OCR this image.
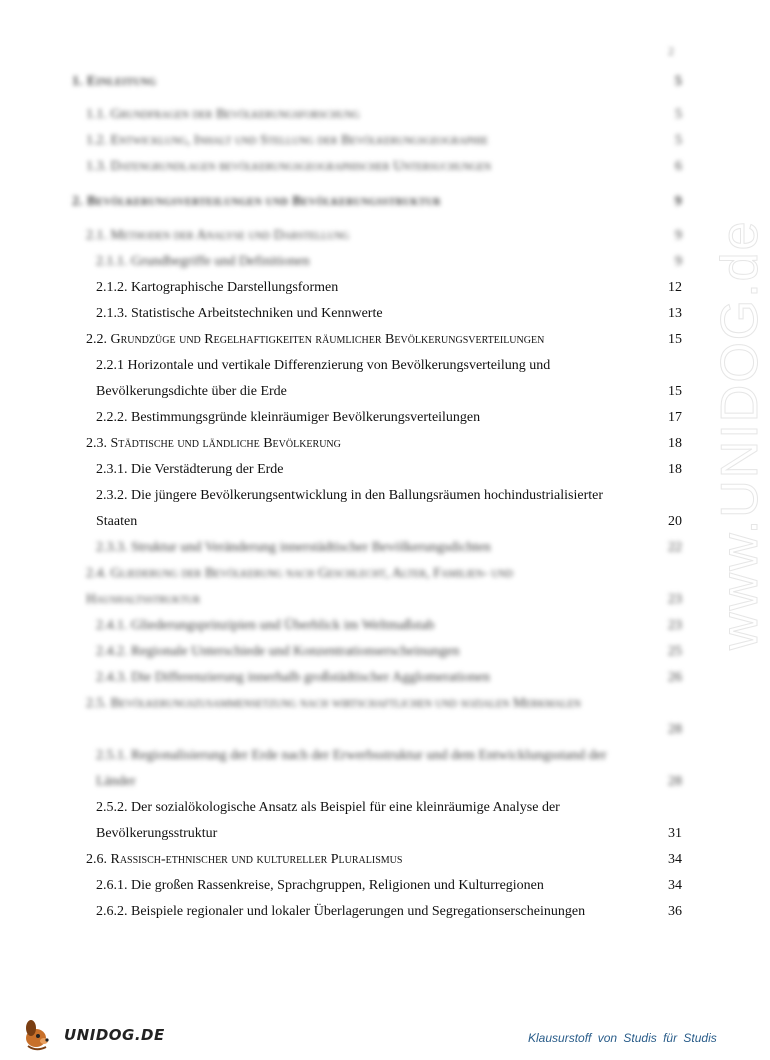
2
www.UNIDOG.de
1. Einleitung	5
1.1. Grundfragen der Bevölkerungsforschung	5
1.2. Entwicklung, Inhalt und Stellung der Bevölkerungsgeographie	5
1.3. Datengrundlagen bevölkerungsgeographischer Untersuchungen	6
2. Bevölkerungsverteilungen und Bevölkerungsstruktur	9
2.1. Methoden der Analyse und Darstellung	9
2.1.1. Grundbegriffe und Definitionen	9
2.1.2. Kartographische Darstellungsformen	12
2.1.3. Statistische Arbeitstechniken und Kennwerte	13
2.2. Grundzüge und Regelhaftigkeiten räumlicher Bevölkerungsverteilungen	15
2.2.1 Horizontale und vertikale Differenzierung von Bevölkerungsverteilung und
Bevölkerungsdichte über die Erde	15
2.2.2. Bestimmungsgründe kleinräumiger Bevölkerungsverteilungen	17
2.3. Städtische und ländliche Bevölkerung	18
2.3.1. Die Verstädterung der Erde	18
2.3.2. Die jüngere Bevölkerungsentwicklung in den Ballungsräumen hochindustrialisierter
Staaten	20
2.3.3. Struktur und Veränderung innerstädtischer Bevölkerungsdichten	22
2.4. Gliederung der Bevölkerung nach Geschlecht, Alter, Familien- und
Haushaltsstruktur	23
2.4.1. Gliederungsprinzipien und Überblick im Weltmaßstab	23
2.4.2. Regionale Unterschiede und Konzentrationserscheinungen	25
2.4.3. Die Differenzierung innerhalb großstädtischer Agglomerationen	26
2.5. Bevölkerungszusammensetzung nach wirtschaftlichen und sozialen Merkmalen
28
2.5.1. Regionalisierung der Erde nach der Erwerbsstruktur und dem Entwicklungsstand der
Länder	28
2.5.2. Der sozialökologische Ansatz als Beispiel für eine kleinräumige Analyse der
Bevölkerungsstruktur	31
2.6. Rassisch-ethnischer und kultureller Pluralismus	34
2.6.1. Die großen Rassenkreise, Sprachgruppen, Religionen und Kulturregionen	34
2.6.2. Beispiele regionaler und lokaler Überlagerungen und Segregationserscheinungen	36
UNIDOG.DE	Klausurstoff von Studis für Studis
